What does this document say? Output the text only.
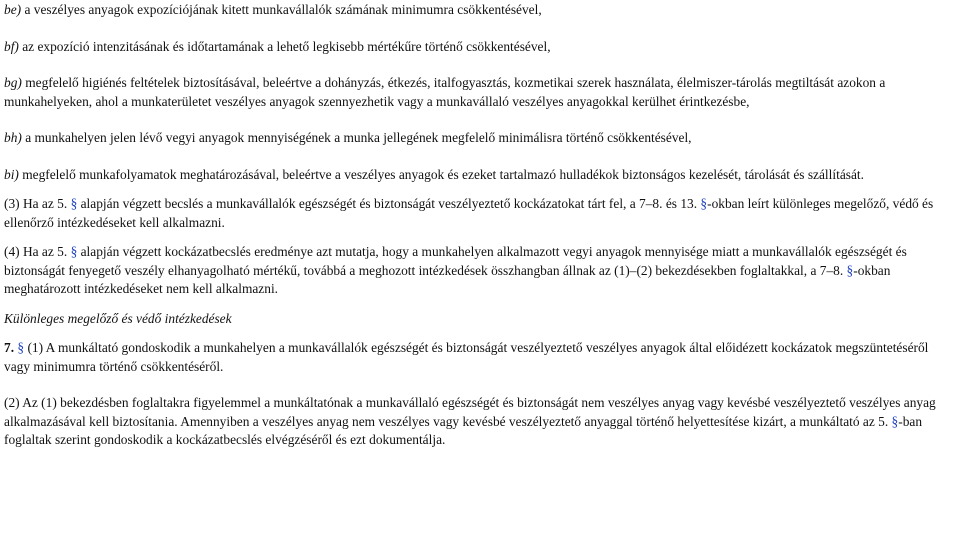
be) a veszélyes anyagok expozíciójának kitett munkavállalók számának minimumra csökkentésével,

bf) az expozíció intenzitásának és időtartamának a lehető legkisebb mértékűre történő csökkentésével,

bg) megfelelő higiénés feltételek biztosításával, beleértve a dohányzás, étkezés, italfogyasztás, kozmetikai szerek használata, élelmiszer-tárolás megtiltását azokon a munkahelyeken, ahol a munkaterületet veszélyes anyagok szennyezhetik vagy a munkavállaló veszélyes anyagokkal kerülhet érintkezésbe,

bh) a munkahelyen jelen lévő vegyi anyagok mennyiségének a munka jellegének megfelelő minimálisra történő csökkentésével,

bi) megfelelő munkafolyamatok meghatározásával, beleértve a veszélyes anyagok és ezeket tartalmazó hulladékok biztonságos kezelését, tárolását és szállítását.

(3) Ha az 5. § alapján végzett becslés a munkavállalók egészségét és biztonságát veszélyeztető kockázatokat tárt fel, a 7–8. és 13. §-okban leírt különleges megelőző, védő és ellenőrző intézkedéseket kell alkalmazni.

(4) Ha az 5. § alapján végzett kockázatbecslés eredménye azt mutatja, hogy a munkahelyen alkalmazott vegyi anyagok mennyisége miatt a munkavállalók egészségét és biztonságát fenyegető veszély elhanyagolható mértékű, továbbá a meghozott intézkedések összhangban állnak az (1)–(2) bekezdésekben foglaltakkal, a 7–8. §-okban meghatározott intézkedéseket nem kell alkalmazni.

Különleges megelőző és védő intézkedések

7. § (1) A munkáltató gondoskodik a munkahelyen a munkavállalók egészségét és biztonságát veszélyeztető veszélyes anyagok által előidézett kockázatok megszüntetéséről vagy minimumra történő csökkentéséről.

(2) Az (1) bekezdésben foglaltakra figyelemmel a munkáltatónak a munkavállaló egészségét és biztonságát nem veszélyes anyag vagy kevésbé veszélyeztető veszélyes anyag alkalmazásával kell biztosítania. Amennyiben a veszélyes anyag nem veszélyes vagy kevésbé veszélyeztető anyaggal történő helyettesítése kizárt, a munkáltató az 5. §-ban foglaltak szerint gondoskodik a kockázatbecslés elvégzéséről és ezt dokumentálja.
